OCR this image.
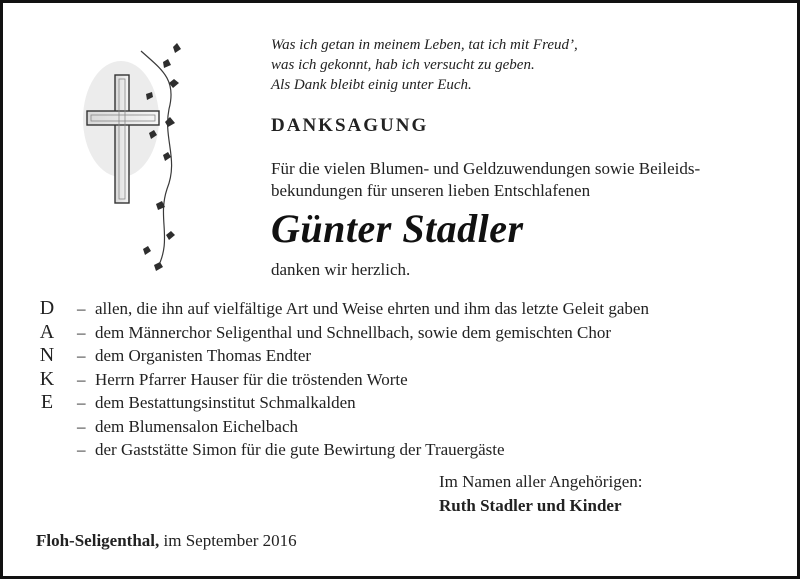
Was ich getan in meinem Leben, tat ich mit Freud’,
was ich gekonnt, hab ich versucht zu geben.
Als Dank bleibt einig unter Euch.
DANKSAGUNG
Für die vielen Blumen- und Geldzuwendungen sowie Beileids-
bekundungen für unseren lieben Entschlafenen
Günter Stadler
danken wir herzlich.
D
A
N
K
E
– allen, die ihn auf vielfältige Art und Weise ehrten und ihm das letzte Geleit gaben
– dem Männerchor Seligenthal und Schnellbach, sowie dem gemischten Chor
– dem Organisten Thomas Endter
– Herrn Pfarrer Hauser für die tröstenden Worte
– dem Bestattungsinstitut Schmalkalden
– dem Blumensalon Eichelbach
– der Gaststätte Simon für die gute Bewirtung der Trauergäste
Im Namen aller Angehörigen:
Ruth Stadler und Kinder
Floh-Seligenthal, im September 2016
